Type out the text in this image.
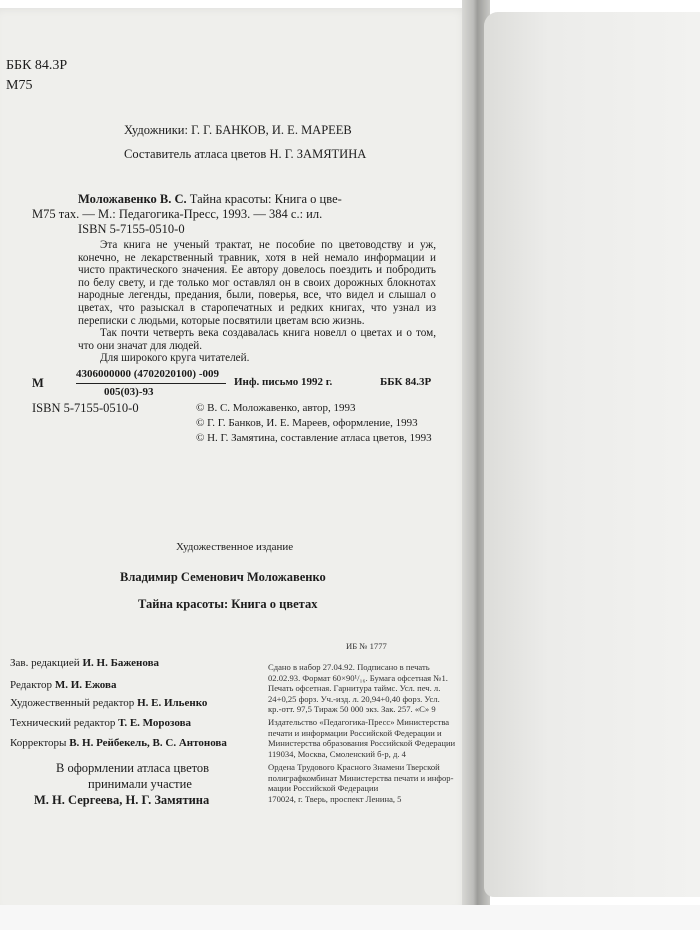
ББК 84.3Р
М75
Художники: Г. Г. БАНКОВ, И. Е. МАРЕЕВ
Составитель атласа цветов Н. Г. ЗАМЯТИНА
Моложавенко В. С. Тайна красоты: Книга о цве-
М75 тах. — М.: Педагогика-Пресс, 1993. — 384 с.: ил.
ISBN 5-7155-0510-0

Эта книга не ученый трактат, не пособие по цветоводству и уж, конечно, не лекарственный травник, хотя в ней немало информации и чисто практического значения. Ее автору довелось поездить и побродить по белу свету, и где только мог оставлял он в своих дорожных блокнотах народные легенды, предания, были, поверья, все, что видел и слышал о цветах, что разыскал в старопечатных и редких книгах, что узнал из переписки с людьми, которые посвятили цветам всю жизнь.

Так почти четверть века создавалась книга новелл о цветах и о том, что они значат для людей.

Для широкого круга читателей.

М
4306000000 (4702020100) -009
005(03)-93
Инф. письмо 1992 г.	ББК 84.3Р
ISBN 5-7155-0510-0	© В. С. Моложавенко, автор, 1993
© Г. Г. Банков, И. Е. Мареев, оформление, 1993
© Н. Г. Замятина, составление атласа цветов, 1993
Художественное издание
Владимир Семенович Моложавенко
Тайна красоты: Книга о цветах
Зав. редакцией И. Н. Баженова
Редактор М. И. Ежова
Художественный редактор Н. Е. Ильенко
Технический редактор Т. Е. Морозова
Корректоры В. Н. Рейбекель, В. С. Антонова
В оформлении атласа цветов
принимали участие
М. Н. Сергеева, Н. Г. Замятина
ИБ № 1777
Сдано в набор 27.04.92. Подписано в печать
02.02.93. Формат 60×90¹/₁₆. Бумага офсетная №1.
Печать офсетная. Гарнитура таймс. Усл. печ. л.
24+0,25 форз. Уч.-изд. л. 20,94+0,40 форз. Усл.
кр.-отт. 97,5 Тираж 50 000 экз. Зак. 257. «С» 9
Издательство «Педагогика-Пресс» Министерства
печати и информации Российской Федерации и
Министерства образования Российской Федерации
119034, Москва, Смоленский б-р, д. 4
Ордена Трудового Красного Знамени Тверской
полиграфкомбинат Министерства печати и инфор-
мации Российской Федерации
170024, г. Тверь, проспект Ленина, 5
